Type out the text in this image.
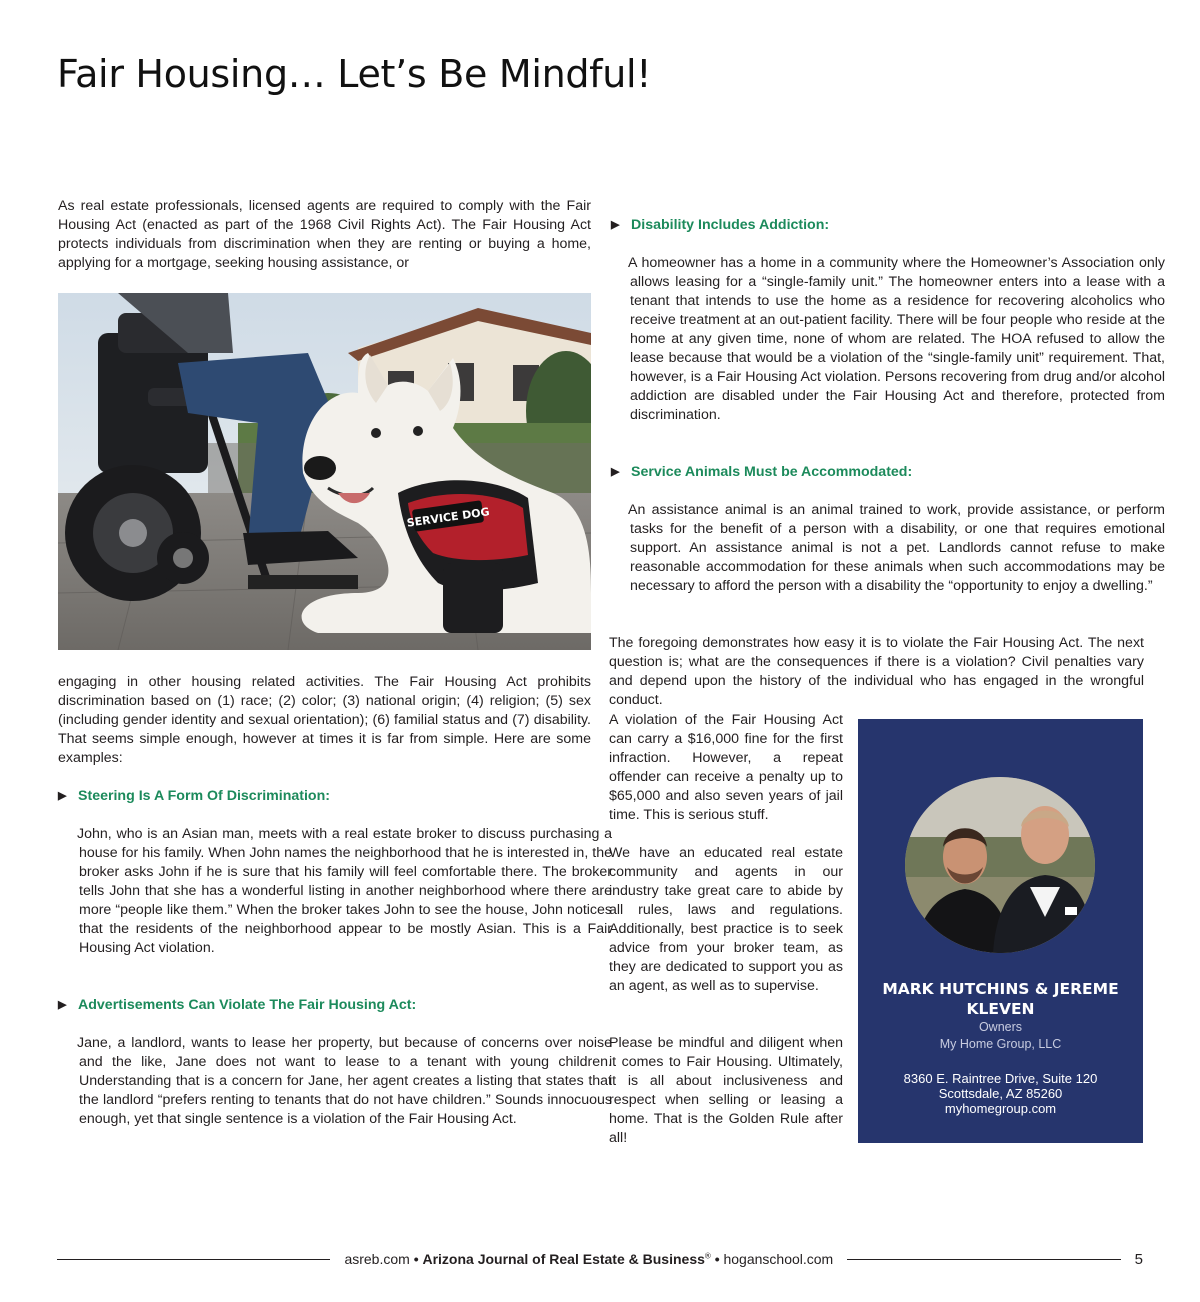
Fair Housing… Let’s Be Mindful!

As real estate professionals, licensed agents are required to comply with the Fair Housing Act (enacted as part of the 1968 Civil Rights Act). The Fair Housing Act protects individuals from discrimination when they are renting or buying a home, applying for a mortgage, seeking housing assistance, or

SERVICE DOG

engaging in other housing related activities. The Fair Housing Act prohibits discrimination based on (1) race; (2) color; (3) national origin; (4) religion; (5) sex (including gender identity and sexual orientation); (6) familial status and (7) disability. That seems simple enough, however at times it is far from simple. Here are some examples:

▶ Steering Is A Form Of Discrimination:

John, who is an Asian man, meets with a real estate broker to discuss purchasing a house for his family. When John names the neighborhood that he is interested in, the broker asks John if he is sure that his family will feel comfortable there. The broker tells John that she has a wonderful listing in another neighborhood where there are more “people like them.” When the broker takes John to see the house, John notices that the residents of the neighborhood appear to be mostly Asian. This is a Fair Housing Act violation.

▶ Advertisements Can Violate The Fair Housing Act:

Jane, a landlord, wants to lease her property, but because of concerns over noise and the like, Jane does not want to lease to a tenant with young children. Understanding that is a concern for Jane, her agent creates a listing that states that the landlord “prefers renting to tenants that do not have children.” Sounds innocuous enough, yet that single sentence is a violation of the Fair Housing Act.

▶ Disability Includes Addiction:

A homeowner has a home in a community where the Homeowner’s Association only allows leasing for a “single-family unit.” The homeowner enters into a lease with a tenant that intends to use the home as a residence for recovering alcoholics who receive treatment at an out-patient facility. There will be four people who reside at the home at any given time, none of whom are related. The HOA refused to allow the lease because that would be a violation of the “single-family unit” requirement. That, however, is a Fair Housing Act violation. Persons recovering from drug and/or alcohol addiction are disabled under the Fair Housing Act and therefore, protected from discrimination.

▶ Service Animals Must be Accommodated:

An assistance animal is an animal trained to work, provide assistance, or perform tasks for the benefit of a person with a disability, or one that requires emotional support. An assistance animal is not a pet. Landlords cannot refuse to make reasonable accommodation for these animals when such accommodations may be necessary to afford the person with a disability the “opportunity to enjoy a dwelling.”

The foregoing demonstrates how easy it is to violate the Fair Housing Act. The next question is; what are the consequences if there is a violation? Civil penalties vary and depend upon the history of the individual who has engaged in the wrongful conduct.

A violation of the Fair Housing Act can carry a $16,000 fine for the first infraction. However, a repeat offender can receive a penalty up to $65,000 and also seven years of jail time. This is serious stuff.

We have an educated real estate community and agents in our industry take great care to abide by all rules, laws and regulations. Additionally, best practice is to seek advice from your broker team, as they are dedicated to support you as an agent, as well as to supervise.

Please be mindful and diligent when it comes to Fair Housing. Ultimately, it is all about inclusiveness and respect when selling or leasing a home. That is the Golden Rule after all!

MARK HUTCHINS & JEREME KLEVEN
Owners
My Home Group, LLC
8360 E. Raintree Drive, Suite 120
Scottsdale, AZ 85260
myhomegroup.com
asreb.com • Arizona Journal of Real Estate & Business® • hoganschool.com	5
